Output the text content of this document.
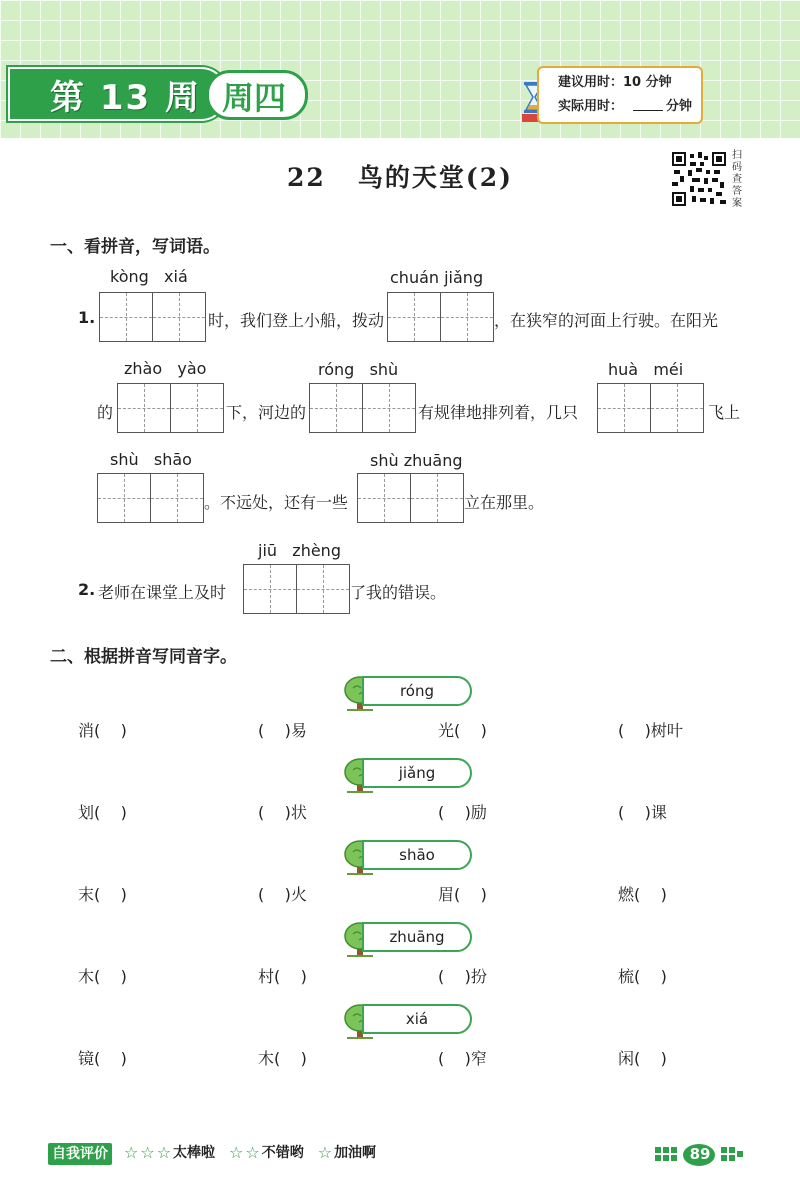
第 13 周 周四	建议用时：10 分钟
实际用时：	分钟
22   鸟的天堂(2)
扫码查答案
一、看拼音，写词语。
kòng   xiá
1.	时，我们登上小船，拨动
chuán jiǎng
，在狭窄的河面上行驶。在阳光
zhào   yào
的	下，河边的
róng   shù
有规律地排列着，几只
huà   méi
飞上
shù   shāo
。不远处，还有一些
shù zhuāng
立在那里。
jiū   zhèng
2. 老师在课堂上及时	了我的错误。
二、根据拼音写同音字。
róng
消(    )	(    )易	光(    )	(    )树叶
jiǎng
划(    )	(    )状	(    )励	(    )课
shāo
末(    )	(    )火	眉(    )	燃(    )
zhuāng
木(    )	村(    )	(    )扮	梳(    )
xiá
镜(    )	木(    )	(    )窄	闲(    )
自我评价 ☆ ☆ ☆ 太棒啦 ☆ ☆ 不错哟 ☆ 加油啊	89
